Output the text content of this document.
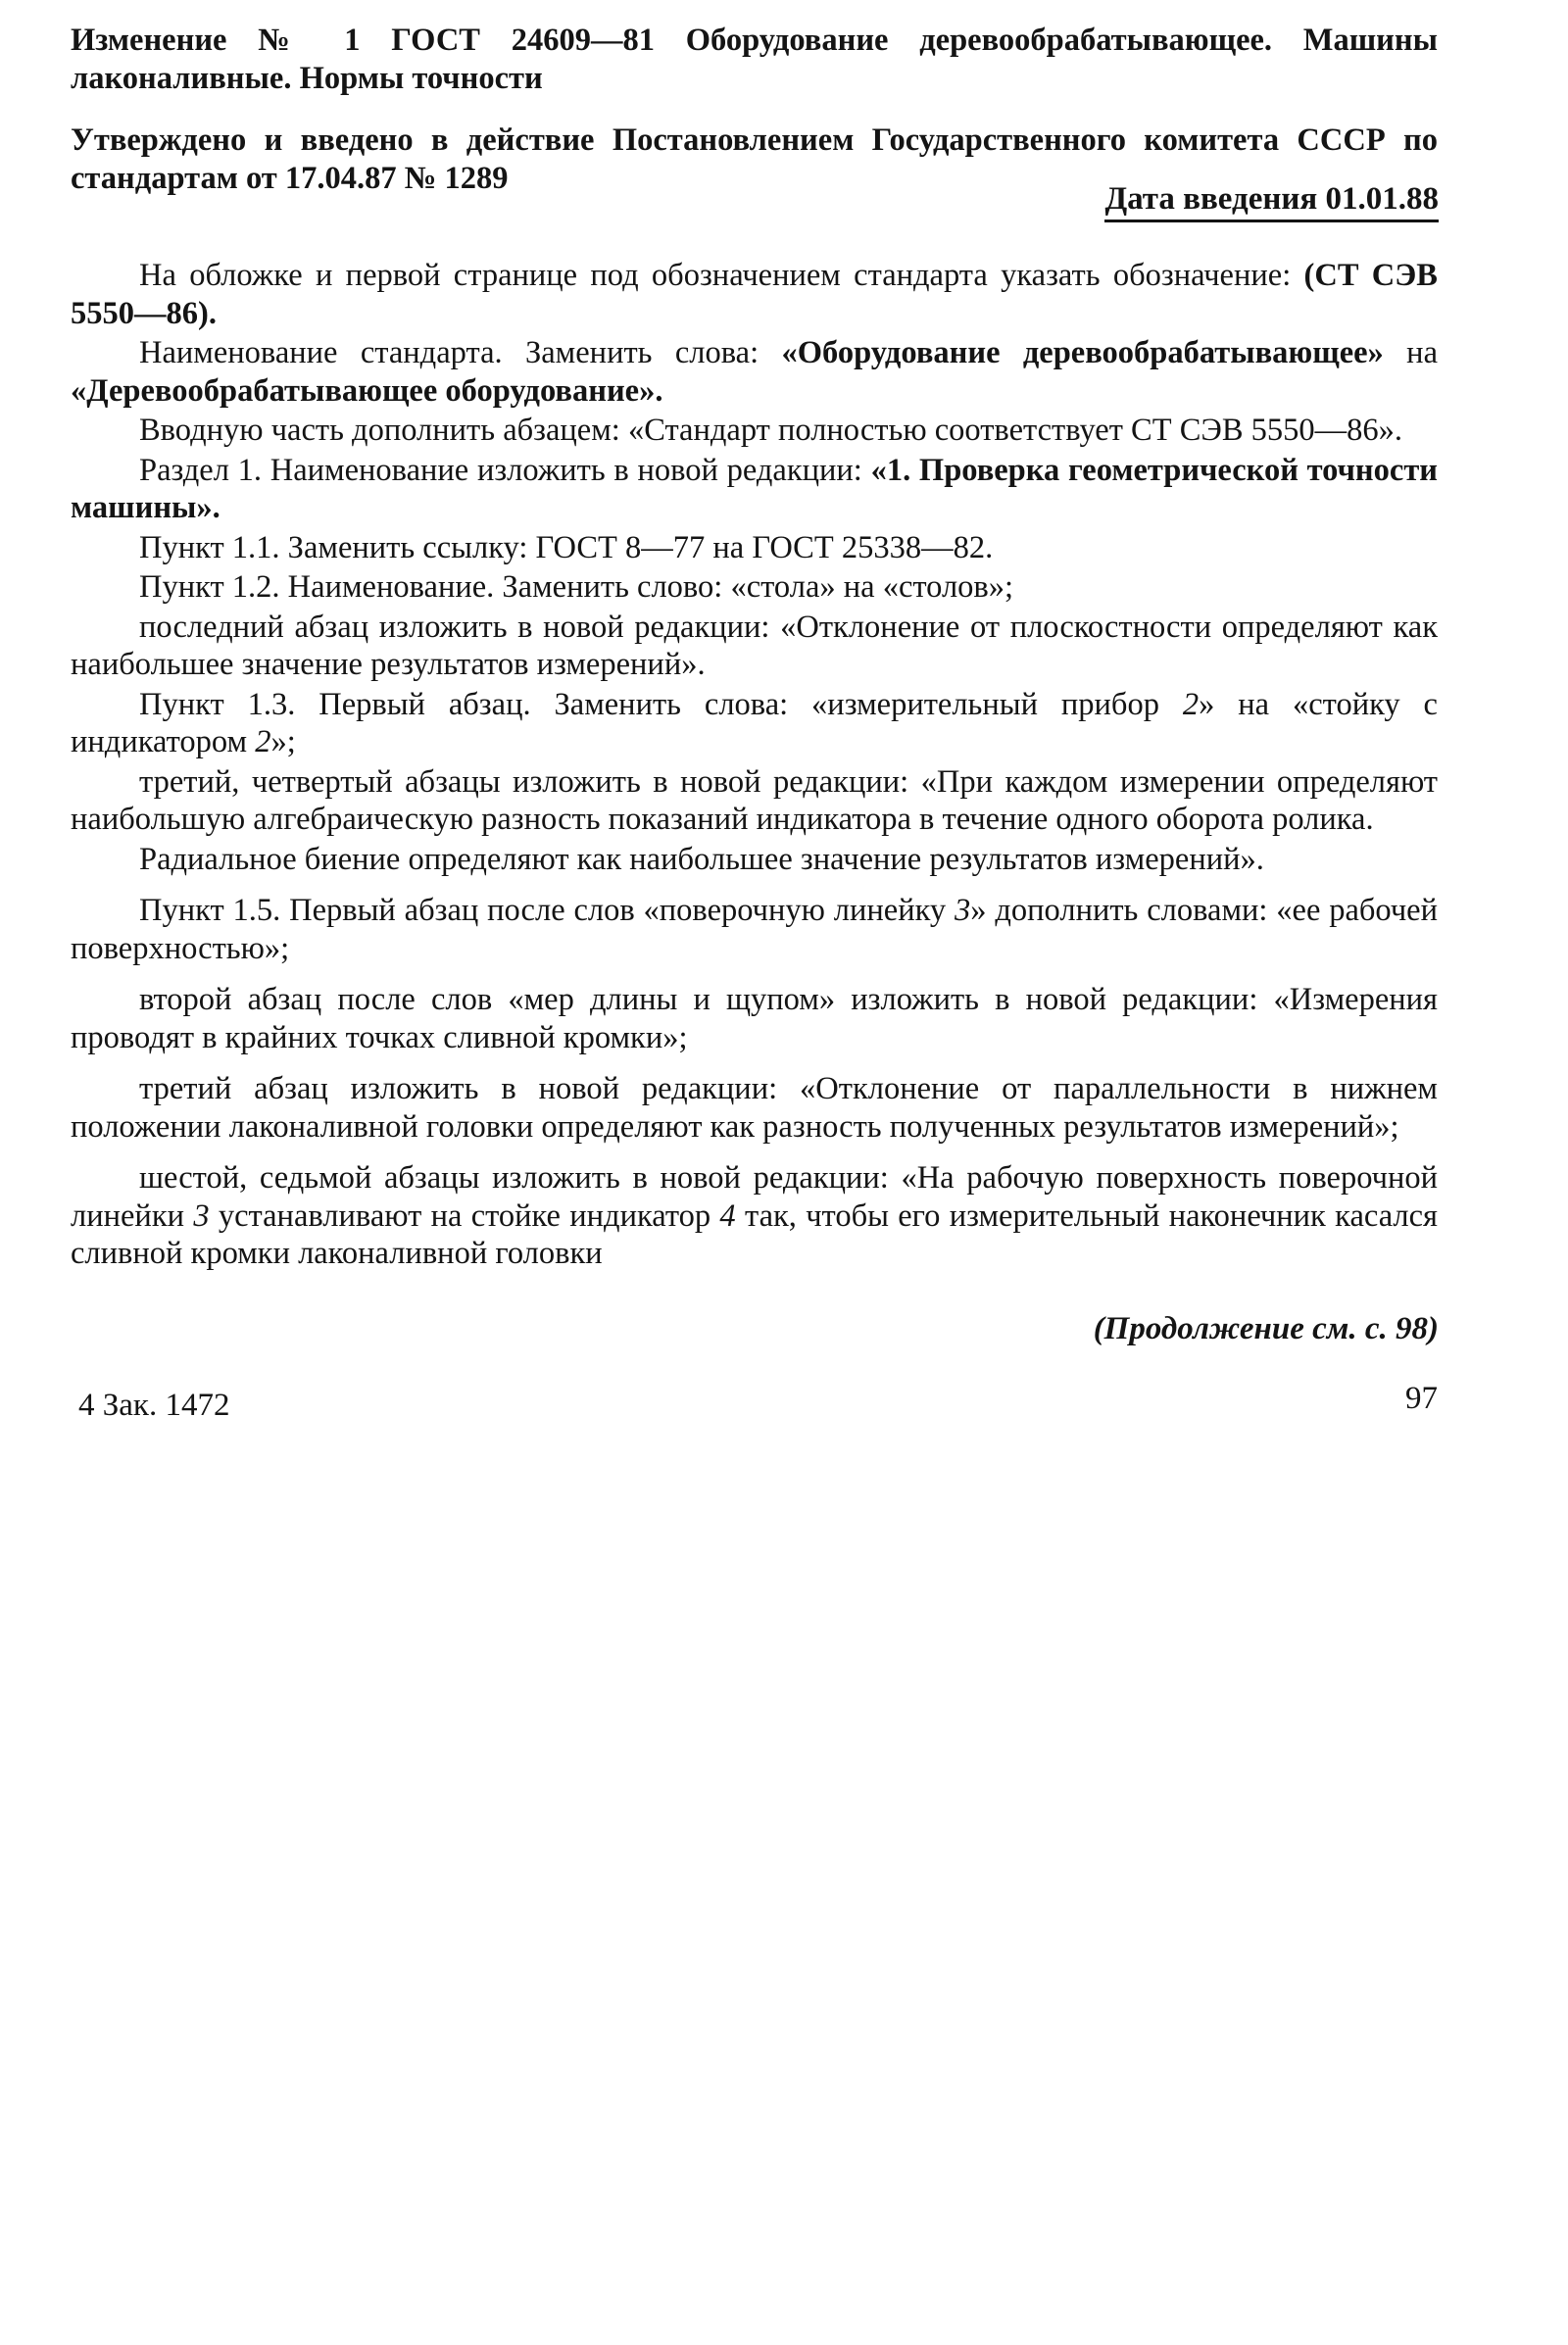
Изменение № 1 ГОСТ 24609—81 Оборудование деревообрабатывающее. Машины лаконаливные. Нормы точности

Утверждено и введено в действие Постановлением Государственного комитета СССР по стандартам от 17.04.87 № 1289

Дата введения 01.01.88

На обложке и первой странице под обозначением стандарта указать обозначение: (СТ СЭВ 5550—86).

Наименование стандарта. Заменить слова: «Оборудование деревообрабатывающее» на «Деревообрабатывающее оборудование».

Вводную часть дополнить абзацем: «Стандарт полностью соответствует СТ СЭВ 5550—86».

Раздел 1. Наименование изложить в новой редакции: «1. Проверка геометрической точности машины».

Пункт 1.1. Заменить ссылку: ГОСТ 8—77 на ГОСТ 25338—82.

Пункт 1.2. Наименование. Заменить слово: «стола» на «столов»;

последний абзац изложить в новой редакции: «Отклонение от плоскостности определяют как наибольшее значение результатов измерений».

Пункт 1.3. Первый абзац. Заменить слова: «измерительный прибор 2» на «стойку с индикатором 2»;

третий, четвертый абзацы изложить в новой редакции: «При каждом измерении определяют наибольшую алгебраическую разность показаний индикатора в течение одного оборота ролика.

Радиальное биение определяют как наибольшее значение результатов измерений».

Пункт 1.5. Первый абзац после слов «поверочную линейку 3» дополнить словами: «ее рабочей поверхностью»;

второй абзац после слов «мер длины и щупом» изложить в новой редакции: «Измерения проводят в крайних точках сливной кромки»;

третий абзац изложить в новой редакции: «Отклонение от параллельности в нижнем положении лаконаливной головки определяют как разность полученных результатов измерений»;

шестой, седьмой абзацы изложить в новой редакции: «На рабочую поверхность поверочной линейки 3 устанавливают на стойке индикатор 4 так, чтобы его измерительный наконечник касался сливной кромки лаконаливной головки

(Продолжение см. с. 98)
4 Зак. 1472	97
